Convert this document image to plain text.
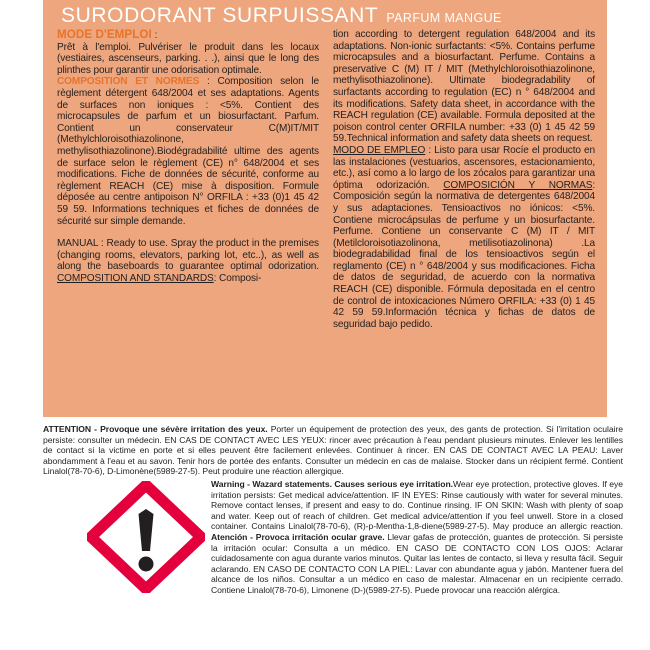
SURODORANT SURPUISSANT PARFUM MANGUE

MODE D'EMPLOI :

Prêt à l'emploi. Pulvériser le produit dans les locaux (vestiaires, ascenseurs, parking. . .), ainsi que le long des plinthes pour garantir une odorisation optimale.

COMPOSITION ET NORMES : Composition selon le règlement détergent 648/2004 et ses adaptations. Agents de surfaces non ioniques : <5%. Contient des microcapsules de parfum et un biosurfactant. Parfum. Contient un conservateur C(M)IT/MIT (Methylchloroisothiazolinone, methylisothiazolinone).Biodégradabilité ultime des agents de surface selon le règlement (CE) n° 648/2004 et ses modifications. Fiche de données de sécurité, conforme au règlement REACH (CE) mise à disposition. Formule déposée au centre antipoison N° ORFILA : +33 (0)1 45 42 59 59. Informations techniques et fiches de données de sécurité sur simple demande.

MANUAL : Ready to use. Spray the product in the premises (changing rooms, elevators, parking lot, etc..), as well as along the baseboards to guarantee optimal odorization. COMPOSITION AND STANDARDS: Composi-

tion according to detergent regulation 648/2004 and its adaptations. Non-ionic surfactants: <5%. Contains perfume microcapsules and a biosurfactant. Perfume. Contains a preservative C (M) IT / MIT (Methylchloroisothiazolinone, methylisothiazolinone). Ultimate biodegradability of surfactants according to regulation (EC) n ° 648/2004 and its modifications. Safety data sheet, in accordance with the REACH regulation (CE) available. Formula deposited at the poison control center ORFILA number: +33 (0) 1 45 42 59 59.Technical information and safety data sheets on request.

MODO DE EMPLEO : Listo para usar Rocíe el producto en las instalaciones (vestuarios, ascensores, estacionamiento, etc.), así como a lo largo de los zócalos para garantizar una óptima odorización. COMPOSICIÓN Y NORMAS: Composición según la normativa de detergentes 648/2004 y sus adaptaciones. Tensioactivos no iónicos: <5%. Contiene microcápsulas de perfume y un biosurfactante. Perfume. Contiene un conservante C (M) IT / MIT (Metilcloroisotiazolinona, metilisotiazolinona) .La biodegradabilidad final de los tensioactivos según el reglamento (CE) n ° 648/2004 y sus modificaciones. Ficha de datos de seguridad, de acuerdo con la normativa REACH (CE) disponible. Fórmula depositada en el centro de control de intoxicaciones Número ORFILA: +33 (0) 1 45 42 59 59.Información técnica y fichas de datos de seguridad bajo pedido.

ATTENTION - Provoque une sévère irritation des yeux. Porter un équipement de protection des yeux, des gants de protection. Si l'irritation oculaire persiste: consulter un médecin. EN CAS DE CONTACT AVEC LES YEUX: rincer avec précaution à l'eau pendant plusieurs minutes. Enlever les lentilles de contact si la victime en porte et si elles peuvent être facilement enlevées. Continuer à rincer. EN CAS DE CONTACT AVEC LA PEAU: Laver abondamment à l'eau et au savon. Tenir hors de portée des enfants. Consulter un médecin en cas de malaise. Stocker dans un récipient fermé. Contient Linalol(78-70-6), D-Limonène(5989-27-5). Peut produire une réaction allergique.

Warning - Wazard statements. Causes serious eye irritation.Wear eye protection, protective gloves. If eye irritation persists: Get medical advice/attention. IF IN EYES: Rinse cautiously with water for several minutes. Remove contact lenses, if present and easy to do. Continue rinsing. IF ON SKIN: Wash with plenty of soap and water. Keep out of reach of children. Get medical advice/attention if you feel unwell. Store in a closed container. Contains Linalol(78-70-6), (R)-p-Mentha-1,8-diene(5989-27-5). May produce an allergic reaction. Atención - Provoca irritación ocular grave. Llevar gafas de protección, guantes de protección. Si persiste la irritación ocular: Consulta a un médico. EN CASO DE CONTACTO CON LOS OJOS: Aclarar cuidadosamente con agua durante varios minutos. Quitar las lentes de contacto, si lleva y resulta fácil. Seguir aclarando. EN CASO DE CONTACTO CON LA PIEL: Lavar con abundante agua y jabón. Mantener fuera del alcance de los niños. Consultar a un médico en caso de malestar. Almacenar en un recipiente cerrado. Contiene Linalol(78-70-6), Limonene (D-)(5989-27-5). Puede provocar una reacción alérgica.
